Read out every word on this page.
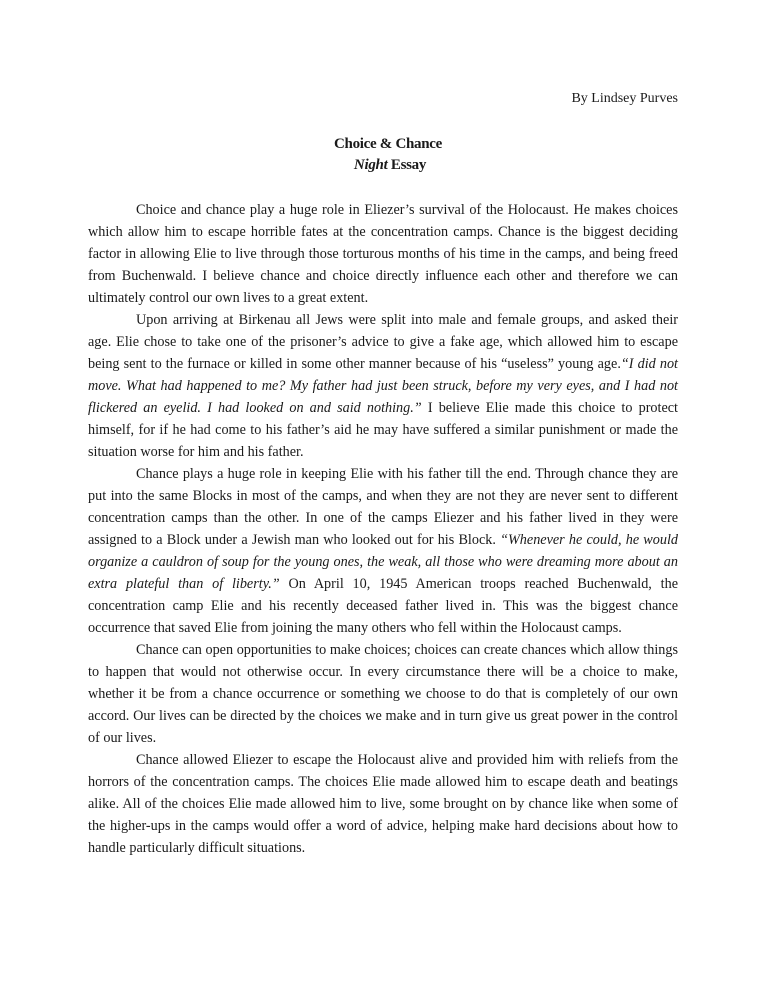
By Lindsey Purves
Choice & Chance
Night Essay

Choice and chance play a huge role in Eliezer’s survival of the Holocaust. He makes choices which allow him to escape horrible fates at the concentration camps. Chance is the biggest deciding factor in allowing Elie to live through those torturous months of his time in the camps, and being freed from Buchenwald. I believe chance and choice directly influence each other and therefore we can ultimately control our own lives to a great extent.

Upon arriving at Birkenau all Jews were split into male and female groups, and asked their age. Elie chose to take one of the prisoner’s advice to give a fake age, which allowed him to escape being sent to the furnace or killed in some other manner because of his “useless” young age.“I did not move. What had happened to me? My father had just been struck, before my very eyes, and I had not flickered an eyelid. I had looked on and said nothing.” I believe Elie made this choice to protect himself, for if he had come to his father’s aid he may have suffered a similar punishment or made the situation worse for him and his father.

Chance plays a huge role in keeping Elie with his father till the end. Through chance they are put into the same Blocks in most of the camps, and when they are not they are never sent to different concentration camps than the other. In one of the camps Eliezer and his father lived in they were assigned to a Block under a Jewish man who looked out for his Block. “Whenever he could, he would organize a cauldron of soup for the young ones, the weak, all those who were dreaming more about an extra plateful than of liberty.” On April 10, 1945 American troops reached Buchenwald, the concentration camp Elie and his recently deceased father lived in. This was the biggest chance occurrence that saved Elie from joining the many others who fell within the Holocaust camps.

Chance can open opportunities to make choices; choices can create chances which allow things to happen that would not otherwise occur. In every circumstance there will be a choice to make, whether it be from a chance occurrence or something we choose to do that is completely of our own accord. Our lives can be directed by the choices we make and in turn give us great power in the control of our lives.

Chance allowed Eliezer to escape the Holocaust alive and provided him with reliefs from the horrors of the concentration camps. The choices Elie made allowed him to escape death and beatings alike. All of the choices Elie made allowed him to live, some brought on by chance like when some of the higher-ups in the camps would offer a word of advice, helping make hard decisions about how to handle particularly difficult situations.
